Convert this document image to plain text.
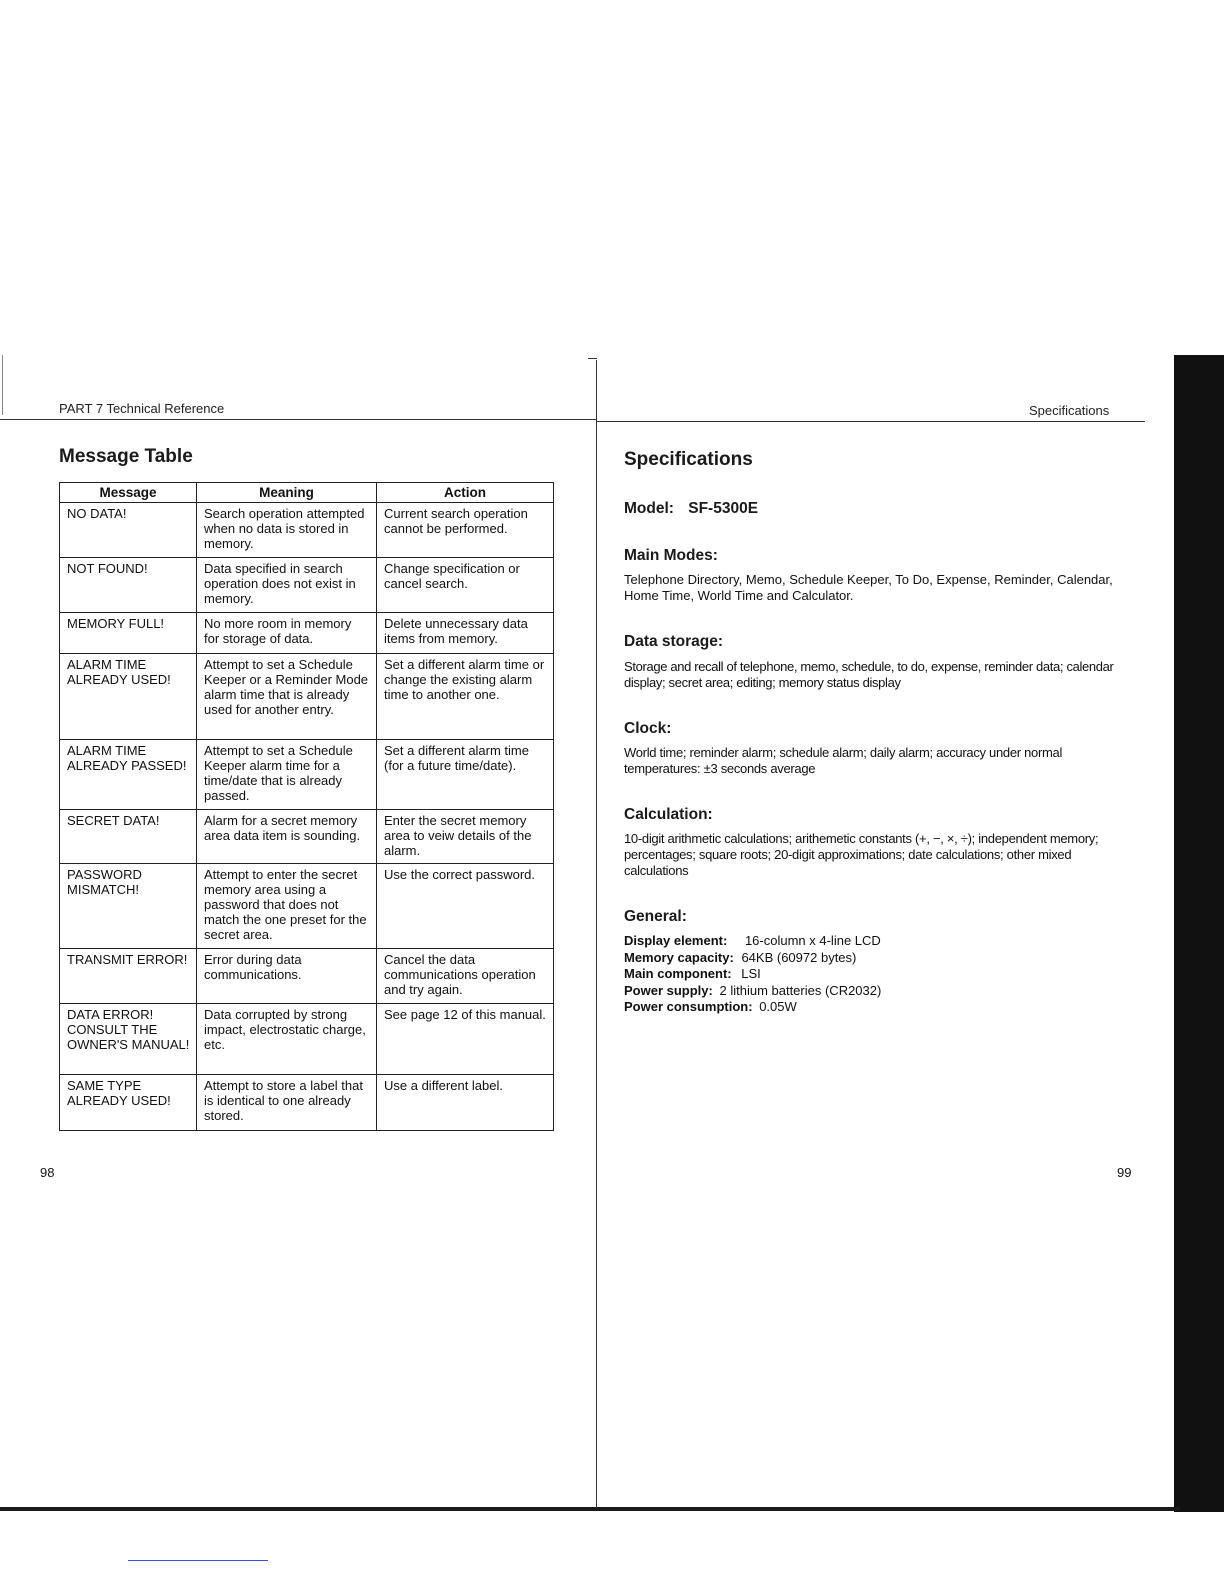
PART 7 Technical Reference
Message Table
Message	Meaning	Action
NO DATA!	Search operation attempted when no data is stored in memory.	Current search operation cannot be performed.
NOT FOUND!	Data specified in search operation does not exist in memory.	Change specification or cancel search.
MEMORY FULL!	No more room in memory for storage of data.	Delete unnecessary data items from memory.
ALARM TIME ALREADY USED!	Attempt to set a Schedule Keeper or a Reminder Mode alarm time that is already used for another entry.	Set a different alarm time or change the existing alarm time to another one.
ALARM TIME ALREADY PASSED!	Attempt to set a Schedule Keeper alarm time for a time/date that is already passed.	Set a different alarm time (for a future time/date).
SECRET DATA!	Alarm for a secret memory area data item is sounding.	Enter the secret memory area to veiw details of the alarm.
PASSWORD MISMATCH!	Attempt to enter the secret memory area using a password that does not match the one preset for the secret area.	Use the correct password.
TRANSMIT ERROR!	Error during data communications.	Cancel the data communications operation and try again.
DATA ERROR! CONSULT THE OWNER'S MANUAL!	Data corrupted by strong impact, electrostatic charge, etc.	See page 12 of this manual.
SAME TYPE ALREADY USED!	Attempt to store a label that is identical to one already stored.	Use a different label.
98
Specifications
Specifications
Model: SF-5300E
Main Modes:
Telephone Directory, Memo, Schedule Keeper, To Do, Expense, Reminder, Calendar, Home Time, World Time and Calculator.
Data storage:
Storage and recall of telephone, memo, schedule, to do, expense, reminder data; calendar display; secret area; editing; memory status display
Clock:
World time; reminder alarm; schedule alarm; daily alarm; accuracy under normal temperatures: ±3 seconds average
Calculation:
10-digit arithmetic calculations; arithemetic constants (+, −, ×, ÷); independent memory; percentages; square roots; 20-digit approximations; date calculations; other mixed calculations
General:
Display element: 16-column x 4-line LCD
Memory capacity: 64KB (60972 bytes)
Main component: LSI
Power supply: 2 lithium batteries (CR2032)
Power consumption: 0.05W
99
